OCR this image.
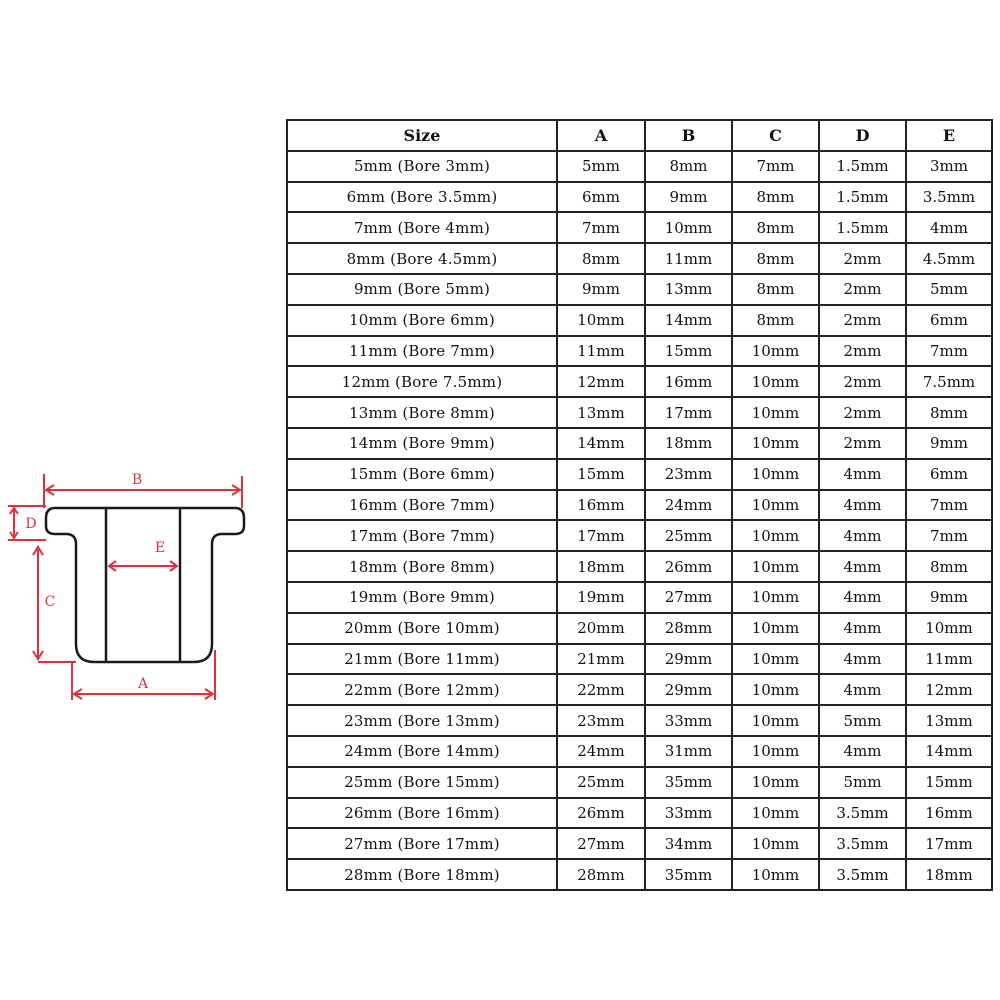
B
D
C
E
A
Size	A	B	C	D	E
5mm (Bore 3mm)	5mm	8mm	7mm	1.5mm	3mm
6mm (Bore 3.5mm)	6mm	9mm	8mm	1.5mm	3.5mm
7mm (Bore 4mm)	7mm	10mm	8mm	1.5mm	4mm
8mm (Bore 4.5mm)	8mm	11mm	8mm	2mm	4.5mm
9mm (Bore 5mm)	9mm	13mm	8mm	2mm	5mm
10mm (Bore 6mm)	10mm	14mm	8mm	2mm	6mm
11mm (Bore 7mm)	11mm	15mm	10mm	2mm	7mm
12mm (Bore 7.5mm)	12mm	16mm	10mm	2mm	7.5mm
13mm (Bore 8mm)	13mm	17mm	10mm	2mm	8mm
14mm (Bore 9mm)	14mm	18mm	10mm	2mm	9mm
15mm (Bore 6mm)	15mm	23mm	10mm	4mm	6mm
16mm (Bore 7mm)	16mm	24mm	10mm	4mm	7mm
17mm (Bore 7mm)	17mm	25mm	10mm	4mm	7mm
18mm (Bore 8mm)	18mm	26mm	10mm	4mm	8mm
19mm (Bore 9mm)	19mm	27mm	10mm	4mm	9mm
20mm (Bore 10mm)	20mm	28mm	10mm	4mm	10mm
21mm (Bore 11mm)	21mm	29mm	10mm	4mm	11mm
22mm (Bore 12mm)	22mm	29mm	10mm	4mm	12mm
23mm (Bore 13mm)	23mm	33mm	10mm	5mm	13mm
24mm (Bore 14mm)	24mm	31mm	10mm	4mm	14mm
25mm (Bore 15mm)	25mm	35mm	10mm	5mm	15mm
26mm (Bore 16mm)	26mm	33mm	10mm	3.5mm	16mm
27mm (Bore 17mm)	27mm	34mm	10mm	3.5mm	17mm
28mm (Bore 18mm)	28mm	35mm	10mm	3.5mm	18mm
